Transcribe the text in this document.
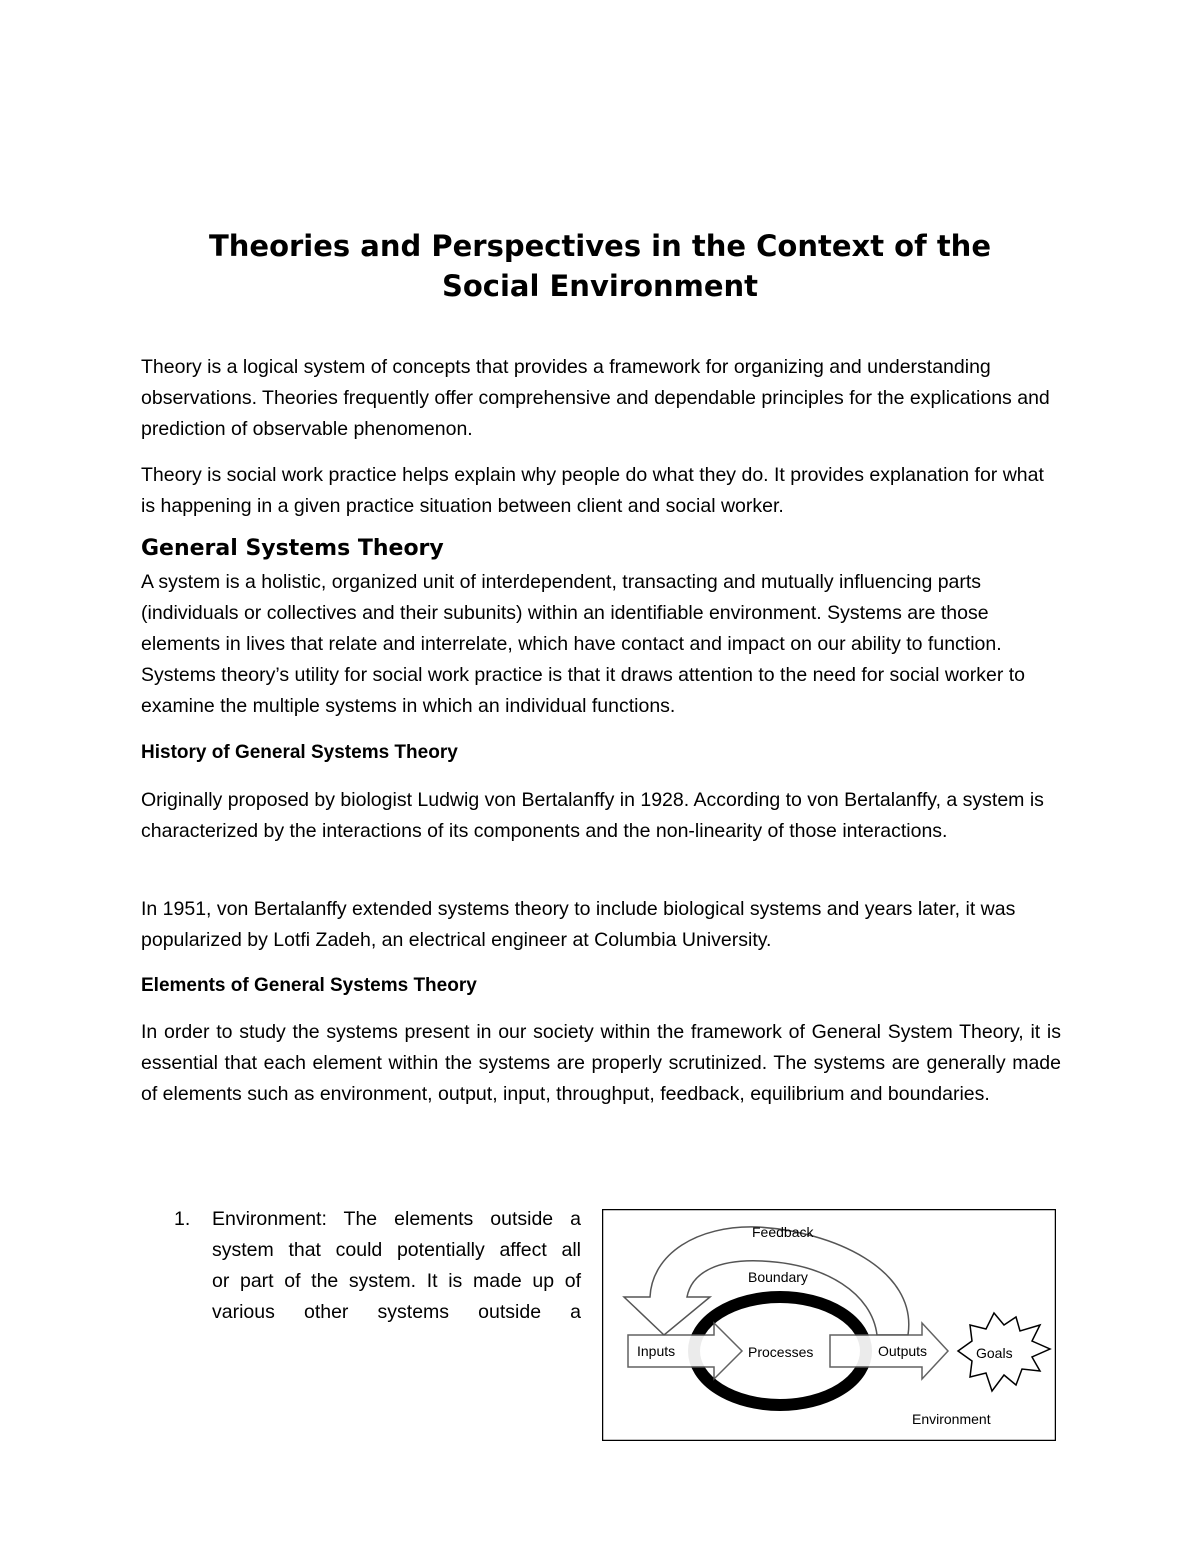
Theories and Perspectives in the Context of the
Social Environment

Theory is a logical system of concepts that provides a framework for organizing and understanding observations. Theories frequently offer comprehensive and dependable principles for the explications and prediction of observable phenomenon.

Theory is social work practice helps explain why people do what they do. It provides explanation for what is happening in a given practice situation between client and social worker.

General Systems Theory

A system is a holistic, organized unit of interdependent, transacting and mutually influencing parts (individuals or collectives and their subunits) within an identifiable environment. Systems are those elements in lives that relate and interrelate, which have contact and impact on our ability to function. Systems theory’s utility for social work practice is that it draws attention to the need for social worker to examine the multiple systems in which an individual functions.

History of General Systems Theory

Originally proposed by biologist Ludwig von Bertalanffy in 1928. According to von Bertalanffy, a system is characterized by the interactions of its components and the non-linearity of those interactions.

In 1951, von Bertalanffy extended systems theory to include biological systems and years later, it was popularized by Lotfi Zadeh, an electrical engineer at Columbia University.

Elements of General Systems Theory

In order to study the systems present in our society within the framework of General System Theory, it is essential that each element within the systems are properly scrutinized. The systems are generally made of elements such as environment, output, input, throughput, feedback, equilibrium and boundaries.

1. Environment: The elements outside a
system that could potentially affect all
or part of the system. It is made up of
various other systems outside a
Feedback
Boundary
Inputs	Processes	Outputs	Goals
Environment
